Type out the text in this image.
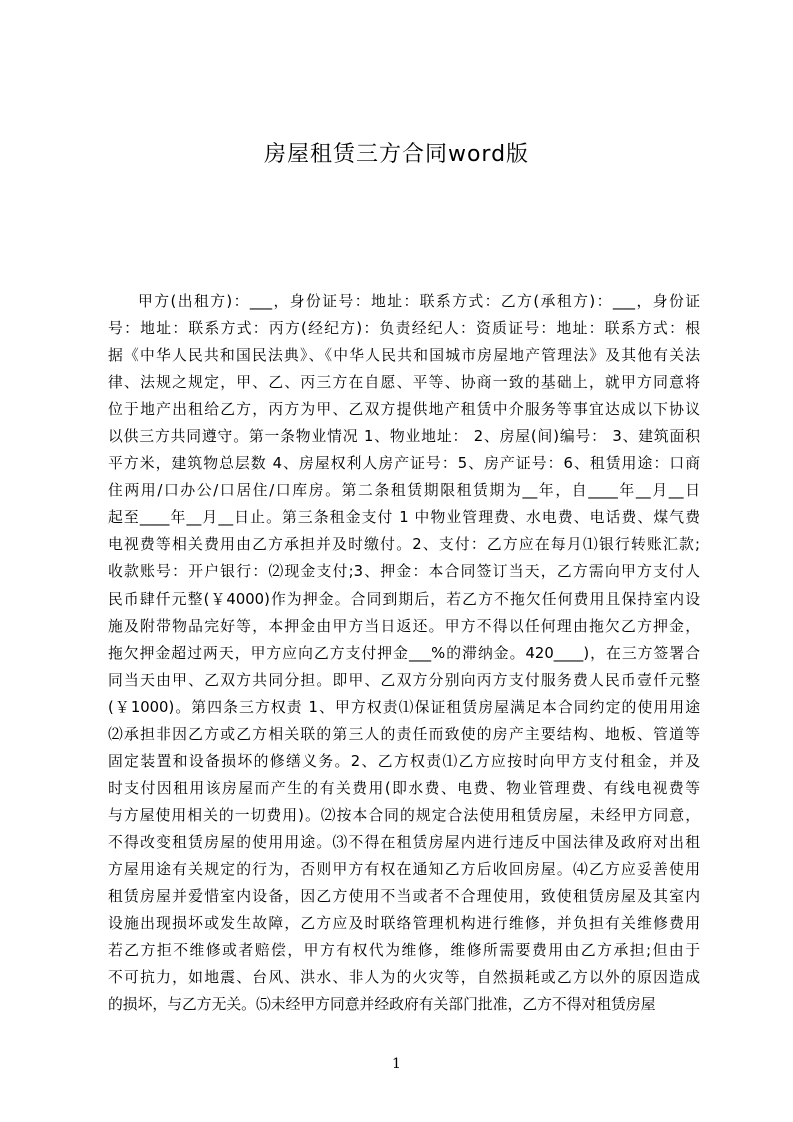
房屋租赁三方合同word版
甲方(出租方)：___，身份证号：地址：联系方式：乙方(承租方)：___，身份证
号：地址：联系方式：丙方(经纪方)：负责经纪人：资质证号：地址：联系方式：根
据《中华人民共和国民法典》、《中华人民共和国城市房屋地产管理法》及其他有关法
律、法规之规定，甲、乙、丙三方在自愿、平等、协商一致的基础上，就甲方同意将
位于地产出租给乙方，丙方为甲、乙双方提供地产租赁中介服务等事宜达成以下协议
以供三方共同遵守。第一条物业情况 1、物业地址： 2、房屋(间)编号： 3、建筑面积
平方米，建筑物总层数 4、房屋权利人房产证号：5、房产证号：6、租赁用途：口商
住两用/口办公/口居住/口库房。第二条租赁期限租赁期为__年，自____年__月__日
起至____年__月__日止。第三条租金支付 1 中物业管理费、水电费、电话费、煤气费
电视费等相关费用由乙方承担并及时缴付。2、支付：乙方应在每月⑴银行转账汇款;
收款账号：开户银行：⑵现金支付;3、押金：本合同签订当天，乙方需向甲方支付人
民币肆仟元整(￥4000)作为押金。合同到期后，若乙方不拖欠任何费用且保持室内设
施及附带物品完好等，本押金由甲方当日返还。甲方不得以任何理由拖欠乙方押金，
拖欠押金超过两天，甲方应向乙方支付押金___%的滞纳金。420____)，在三方签署合
同当天由甲、乙双方共同分担。即甲、乙双方分别向丙方支付服务费人民币壹仟元整
(￥1000)。第四条三方权责 1、甲方权责⑴保证租赁房屋满足本合同约定的使用用途
⑵承担非因乙方或乙方相关联的第三人的责任而致使的房产主要结构、地板、管道等
固定装置和设备损坏的修缮义务。2、乙方权责⑴乙方应按时向甲方支付租金，并及
时支付因租用该房屋而产生的有关费用(即水费、电费、物业管理费、有线电视费等
与方屋使用相关的一切费用)。⑵按本合同的规定合法使用租赁房屋，未经甲方同意，
不得改变租赁房屋的使用用途。⑶不得在租赁房屋内进行违反中国法律及政府对出租
方屋用途有关规定的行为，否则甲方有权在通知乙方后收回房屋。⑷乙方应妥善使用
租赁房屋并爱惜室内设备，因乙方使用不当或者不合理使用，致使租赁房屋及其室内
设施出现损坏或发生故障，乙方应及时联络管理机构进行维修，并负担有关维修费用
若乙方拒不维修或者赔偿，甲方有权代为维修，维修所需要费用由乙方承担;但由于
不可抗力，如地震、台风、洪水、非人为的火灾等，自然损耗或乙方以外的原因造成
的损坏，与乙方无关。⑸未经甲方同意并经政府有关部门批准，乙方不得对租赁房屋
1
